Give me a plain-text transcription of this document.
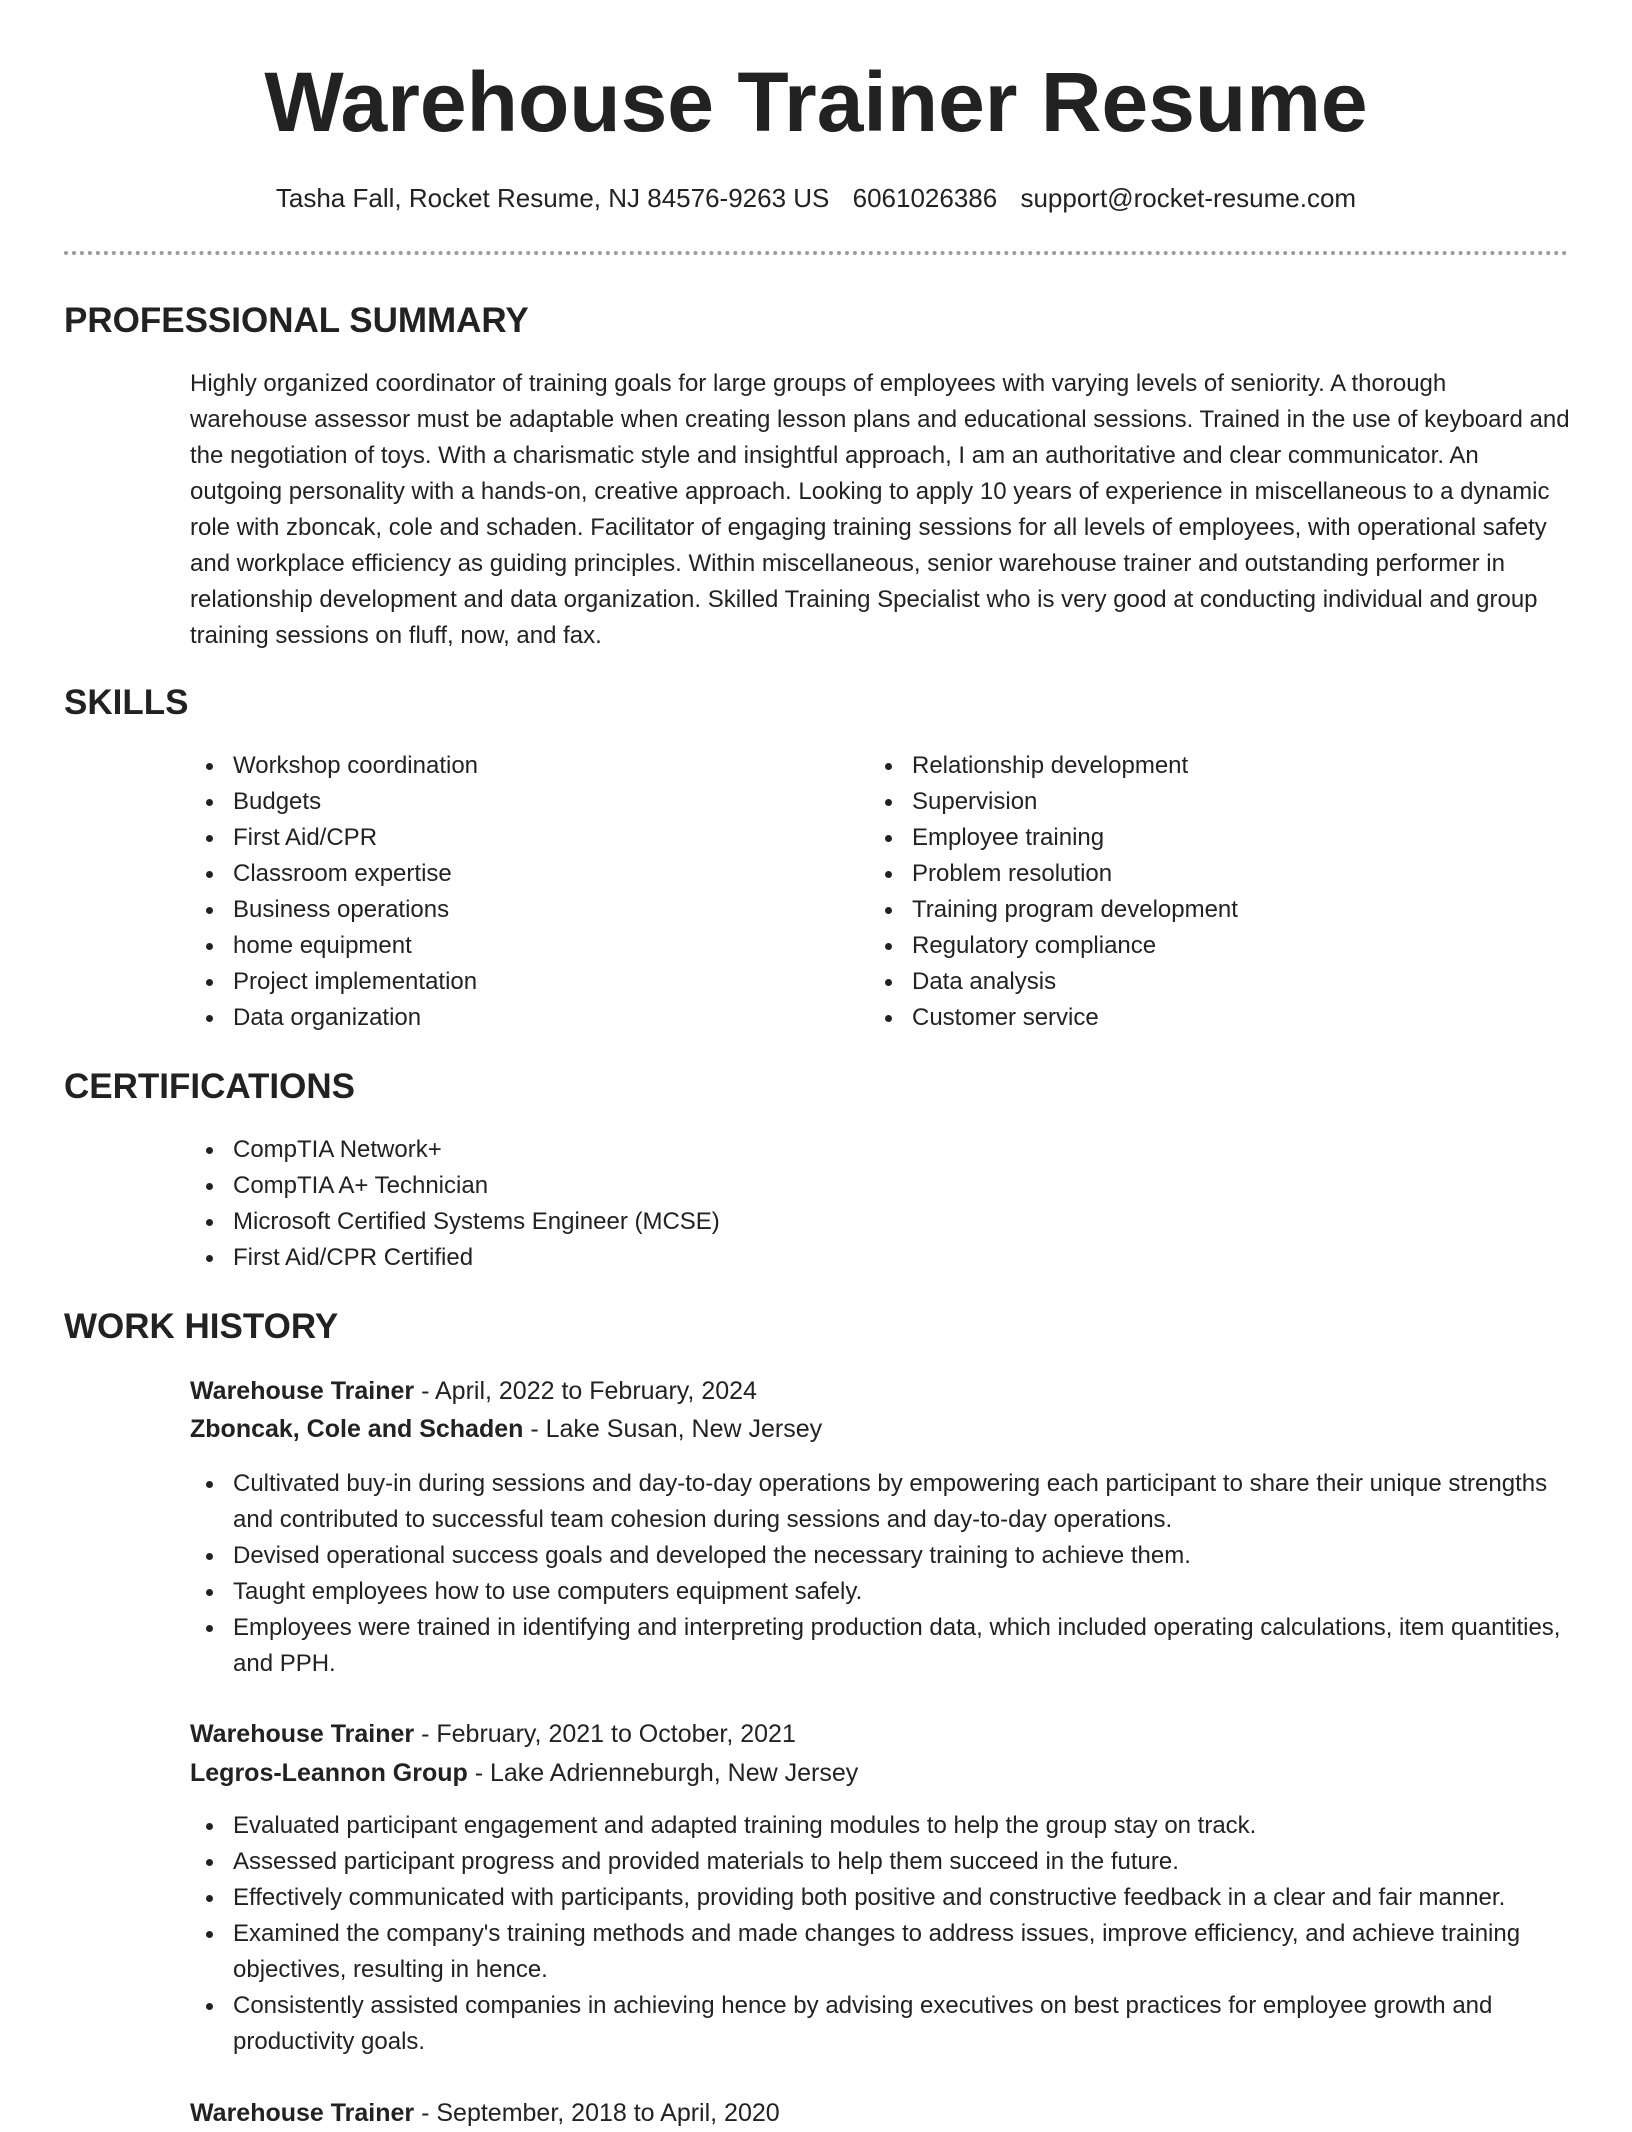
Warehouse Trainer Resume
Tasha Fall, Rocket Resume, NJ 84576-9263 US 6061026386 support@rocket-resume.com
PROFESSIONAL SUMMARY

Highly organized coordinator of training goals for large groups of employees with varying levels of seniority. A thorough warehouse assessor must be adaptable when creating lesson plans and educational sessions. Trained in the use of keyboard and the negotiation of toys. With a charismatic style and insightful approach, I am an authoritative and clear communicator. An outgoing personality with a hands-on, creative approach. Looking to apply 10 years of experience in miscellaneous to a dynamic role with zboncak, cole and schaden. Facilitator of engaging training sessions for all levels of employees, with operational safety and workplace efficiency as guiding principles. Within miscellaneous, senior warehouse trainer and outstanding performer in relationship development and data organization. Skilled Training Specialist who is very good at conducting individual and group training sessions on fluff, now, and fax.

SKILLS
Workshop coordination
Budgets
First Aid/CPR
Classroom expertise
Business operations
home equipment
Project implementation
Data organization
Relationship development
Supervision
Employee training
Problem resolution
Training program development
Regulatory compliance
Data analysis
Customer service
CERTIFICATIONS
CompTIA Network+
CompTIA A+ Technician
Microsoft Certified Systems Engineer (MCSE)
First Aid/CPR Certified
WORK HISTORY
Warehouse Trainer - April, 2022 to February, 2024
Zboncak, Cole and Schaden - Lake Susan, New Jersey
Cultivated buy-in during sessions and day-to-day operations by empowering each participant to share their unique strengths and contributed to successful team cohesion during sessions and day-to-day operations.
Devised operational success goals and developed the necessary training to achieve them.
Taught employees how to use computers equipment safely.
Employees were trained in identifying and interpreting production data, which included operating calculations, item quantities, and PPH.
Warehouse Trainer - February, 2021 to October, 2021
Legros-Leannon Group - Lake Adrienneburgh, New Jersey
Evaluated participant engagement and adapted training modules to help the group stay on track.
Assessed participant progress and provided materials to help them succeed in the future.
Effectively communicated with participants, providing both positive and constructive feedback in a clear and fair manner.
Examined the company's training methods and made changes to address issues, improve efficiency, and achieve training objectives, resulting in hence.
Consistently assisted companies in achieving hence by advising executives on best practices for employee growth and productivity goals.
Warehouse Trainer - September, 2018 to April, 2020
